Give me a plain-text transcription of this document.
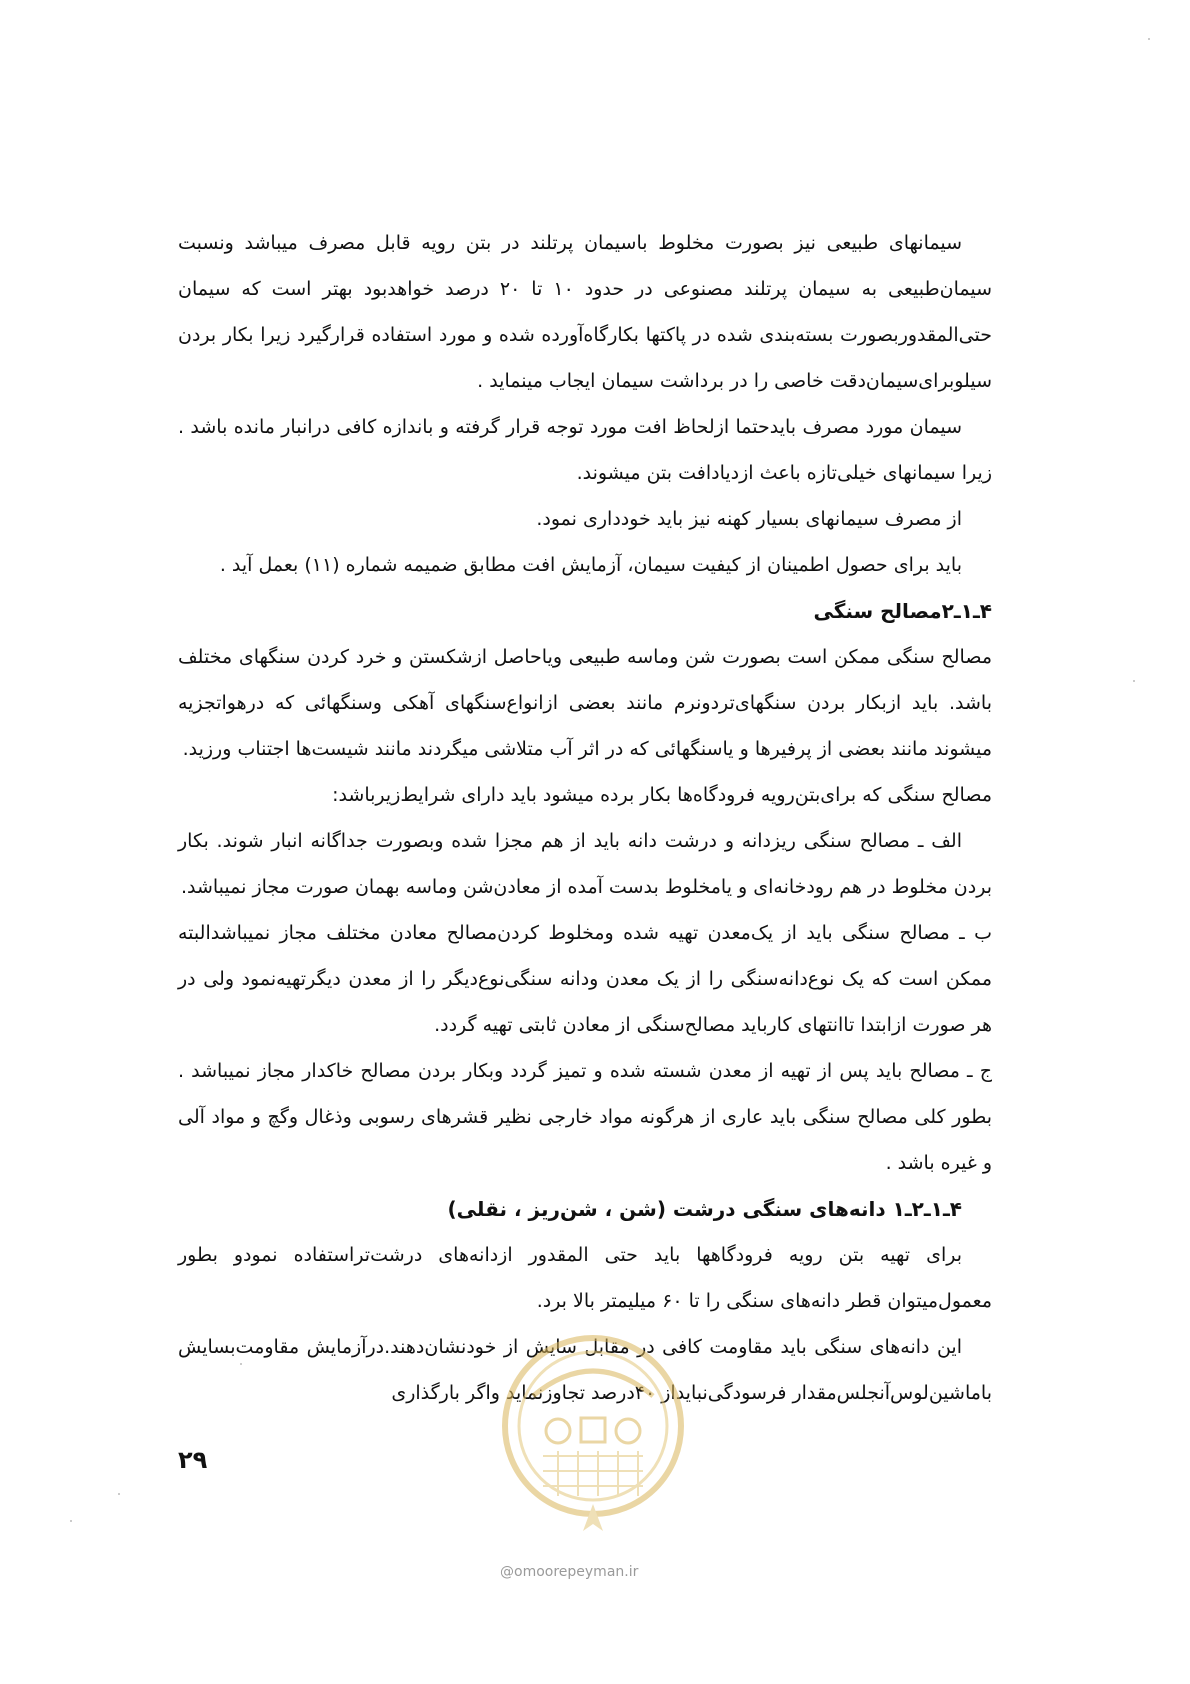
سیمانهای طبیعی نیز بصورت مخلوط باسیمان پرتلند در بتن رویه قابل مصرف میباشد ونسبت سیمان‌طبیعی به سیمان پرتلند مصنوعی در حدود ۱۰ تا ۲۰ درصد خواهدبود بهتر است که سیمان حتی‌المقدوربصورت بسته‌بندی شده در پاکتها بکارگاه‌آورده شده و مورد استفاده قرارگیرد زیرا بکار بردن سیلوبرای‌سیمان‌دقت خاصی را در برداشت سیمان ایجاب مینماید .

سیمان مورد مصرف بایدحتما ازلحاظ افت مورد توجه قرار گرفته و باندازه کافی درانبار مانده باشد . زیرا سیمانهای خیلی‌تازه باعث ازدیادافت بتن میشوند.

از مصرف سیمانهای بسیار کهنه نیز باید خودداری نمود.

باید برای حصول اطمینان از کیفیت سیمان، آزمایش افت مطابق ضمیمه شماره (۱۱) بعمل آید .

۴ـ۱ـ۲مصالح سنگی

مصالح سنگی ممکن است بصورت شن وماسه طبیعی ویاحاصل ازشکستن و خرد کردن سنگهای مختلف باشد. باید ازبکار بردن سنگهای‌تردونرم مانند بعضی ازانواع‌سنگهای آهکی وسنگهائی که درهواتجزیه میشوند مانند بعضی از پرفیرها و یاسنگهائی که در اثر آب متلاشی میگردند مانند شیست‌ها اجتناب ورزید.

مصالح سنگی که برای‌بتن‌رویه فرودگاه‌ها بکار برده میشود باید دارای شرایط‌زیرباشد:

الف ـ مصالح سنگی ریزدانه و درشت دانه باید از هم مجزا شده وبصورت جداگانه انبار شوند. بکار بردن مخلوط در هم رودخانه‌ای و یامخلوط بدست آمده از معادن‌شن وماسه بهمان صورت مجاز نمیباشد.

ب ـ مصالح سنگی باید از یک‌معدن تهیه شده ومخلوط کردن‌مصالح معادن مختلف مجاز نمیباشدالبته ممکن است که یک نوع‌دانه‌سنگی را از یک معدن ودانه سنگی‌نوع‌دیگر را از معدن دیگرتهیه‌نمود ولی در هر صورت ازابتدا تاانتهای کارباید مصالح‌سنگی از معادن ثابتی تهیه گردد.

ج ـ مصالح باید پس از تهیه از معدن شسته شده و تمیز گردد وبکار بردن مصالح خاکدار مجاز نمیباشد . بطور کلی مصالح سنگی باید عاری از هرگونه مواد خارجی نظیر قشرهای رسوبی وذغال وگچ و مواد آلی و غیره باشد .

۴ـ۱ـ۲ـ۱ دانه‌های سنگی درشت (شن ، شن‌ریز ، نقلی)

برای تهیه بتن رویه فرودگاهها باید حتی المقدور ازدانه‌های درشت‌تراستفاده نمودو بطور معمول‌میتوان قطر دانه‌های سنگی را تا ۶۰ میلیمتر بالا برد.

این دانه‌های سنگی باید مقاومت کافی در مقابل سایش از خودنشان‌دهند.درآزمایش مقاومت‌بسایش باماشین‌لوس‌آنجلس‌مقدار فرسودگی‌نبایداز ۴۰درصد تجاوزنماید واگر بارگذاری

۲۹
@omoorepeyman.ir
